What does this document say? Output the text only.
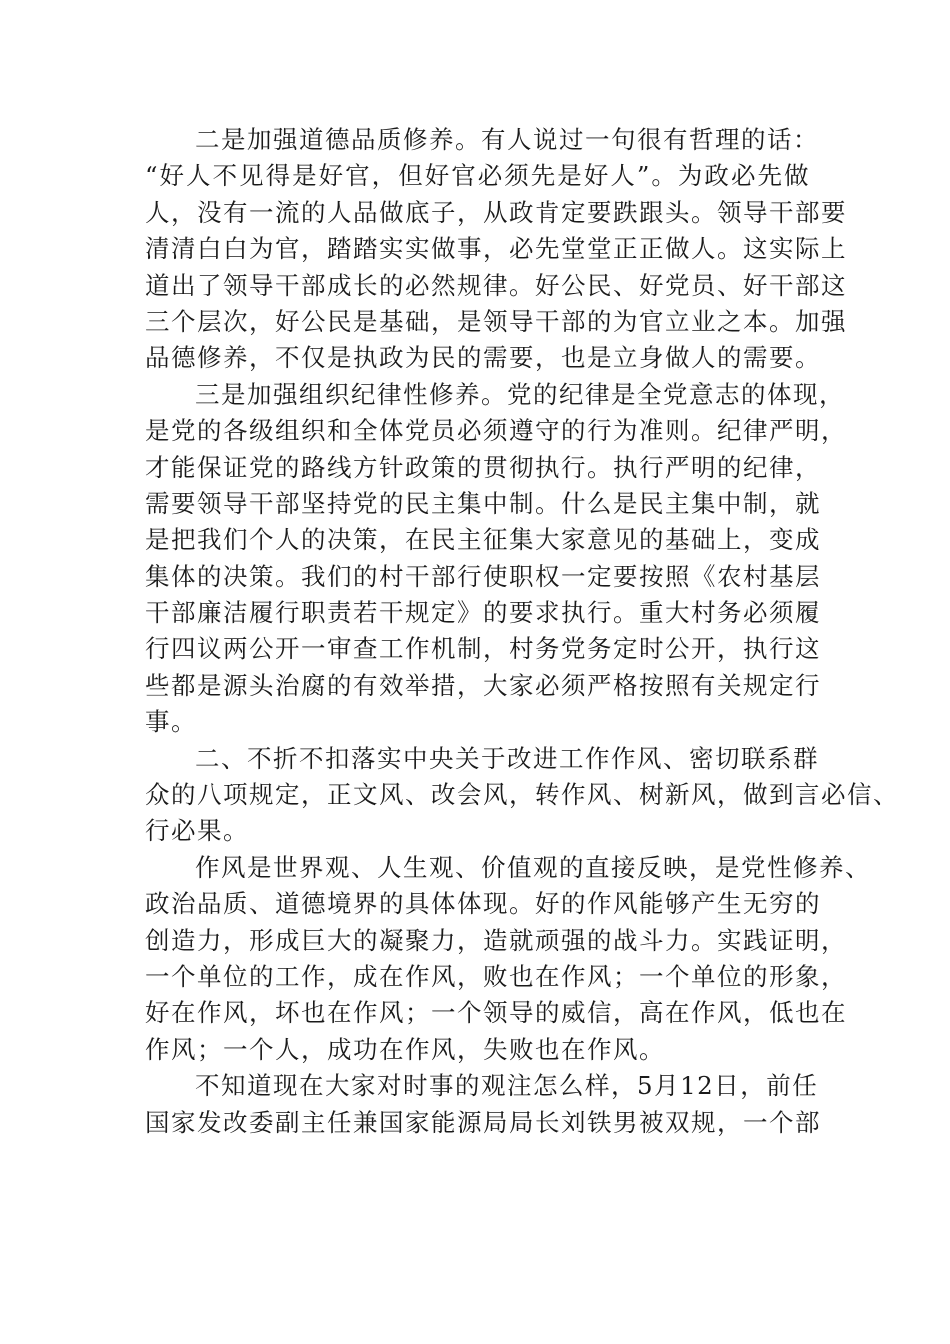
二是加强道德品质修养。有人说过一句很有哲理的话：
“好人不见得是好官，但好官必须先是好人”。为政必先做
人，没有一流的人品做底子，从政肯定要跌跟头。领导干部要
清清白白为官，踏踏实实做事，必先堂堂正正做人。这实际上
道出了领导干部成长的必然规律。好公民、好党员、好干部这
三个层次，好公民是基础，是领导干部的为官立业之本。加强
品德修养，不仅是执政为民的需要，也是立身做人的需要。
三是加强组织纪律性修养。党的纪律是全党意志的体现，
是党的各级组织和全体党员必须遵守的行为准则。纪律严明，
才能保证党的路线方针政策的贯彻执行。执行严明的纪律，
需要领导干部坚持党的民主集中制。什么是民主集中制，就
是把我们个人的决策，在民主征集大家意见的基础上，变成
集体的决策。我们的村干部行使职权一定要按照《农村基层
干部廉洁履行职责若干规定》的要求执行。重大村务必须履
行四议两公开一审查工作机制，村务党务定时公开，执行这
些都是源头治腐的有效举措，大家必须严格按照有关规定行
事。
二、不折不扣落实中央关于改进工作作风、密切联系群
众的八项规定，正文风、改会风，转作风、树新风，做到言必信、
行必果。
作风是世界观、人生观、价值观的直接反映，是党性修养、
政治品质、道德境界的具体体现。好的作风能够产生无穷的
创造力，形成巨大的凝聚力，造就顽强的战斗力。实践证明，
一个单位的工作，成在作风，败也在作风；一个单位的形象，
好在作风，坏也在作风；一个领导的威信，高在作风，低也在
作风；一个人，成功在作风，失败也在作风。
不知道现在大家对时事的观注怎么样，5月12日，前任
国家发改委副主任兼国家能源局局长刘铁男被双规，一个部
